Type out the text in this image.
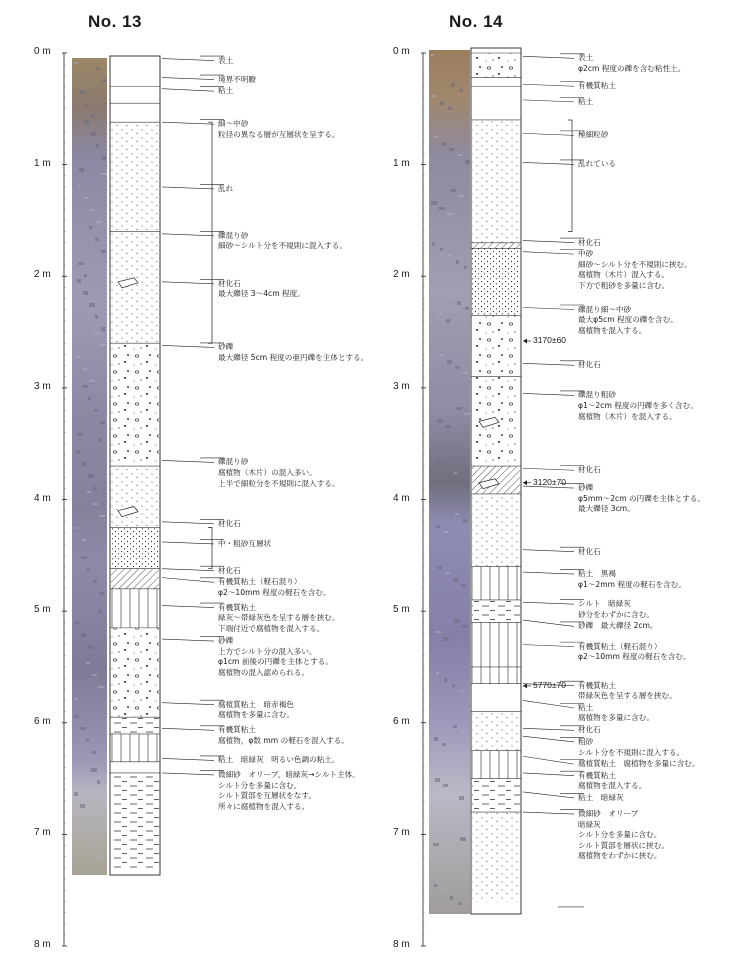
No. 13
0 m
1 m
2 m
3 m
4 m
5 m
6 m
7 m
8 m
No. 14
0 m
1 m
2 m
3 m
4 m
5 m
6 m
7 m
8 m
表土
境界不明瞭
粘土
細～中砂
粒径の異なる層が互層状を呈する。
乱れ
礫混り砂
細砂～シルト分を不規則に混入する。
材化石
最大礫径 3～4cm 程度。
砂礫
最大礫径 5cm 程度の亜円礫を主体とする。
礫混り砂
腐植物（木片）の混入多い。
上半で細粒分を不規則に混入する。
材化石
中・粗砂互層状
材化石
有機質粘土（軽石混り）
φ2～10mm 程度の軽石を含む。
有機質粘土
緑灰～帯緑灰色を呈する層を挟む。
下端付近で腐植物を混入する。
砂礫
上方でシルト分の混入多い。
φ1cm 前後の円礫を主体とする。
腐植物の混入認められる。
腐植質粘土　暗赤褐色
腐植物を多量に含む。
有機質粘土
腐植物，φ数 mm の軽石を混入する。
粘土　暗緑灰　明るい色調の粘土。
微細砂　オリーブ，暗緑灰→シルト主体。
シルト分を多量に含む。
シルト質部を互層状をなす。
所々に腐植物を混入する。
表土
φ2cm 程度の礫を含む粘性土。
有機質粘土
粘土
極細粒砂
乱れている
材化石
中砂
細砂～シルト分を不規則に挟む。
腐植物（木片）混入する。
下方で粗砂を多量に含む。
礫混り細～中砂
最大φ5cm 程度の礫を含む。
腐植物を混入する。
材化石
礫混り粗砂
φ1～2cm 程度の円礫を多く含む。
腐植物（木片）を混入する。
材化石
砂礫
φ5mm～2cm の円礫を主体とする。
最大礫径 3cm。
材化石
粘土　黒褐
φ1～2mm 程度の軽石を含む。
シルト　暗緑灰
砂分をわずかに含む。
砂礫　最大礫径 2cm。
有機質粘土（軽石混り）
φ2～10mm 程度の軽石を含む。
有機質粘土
帯緑灰色を呈する層を挟む。
粘土
腐植物を多量に含む。
材化石
粗砂
シルト分を不規則に混入する。
腐植質粘土　腐植物を多量に含む。
有機質粘土
腐植物を混入する。
粘土　暗緑灰
微細砂　オリーブ
暗緑灰
シルト分を多量に含む。
シルト質部を層状に挟む。
腐植物をわずかに挟む。
3170±60
3120±70
5770±70
